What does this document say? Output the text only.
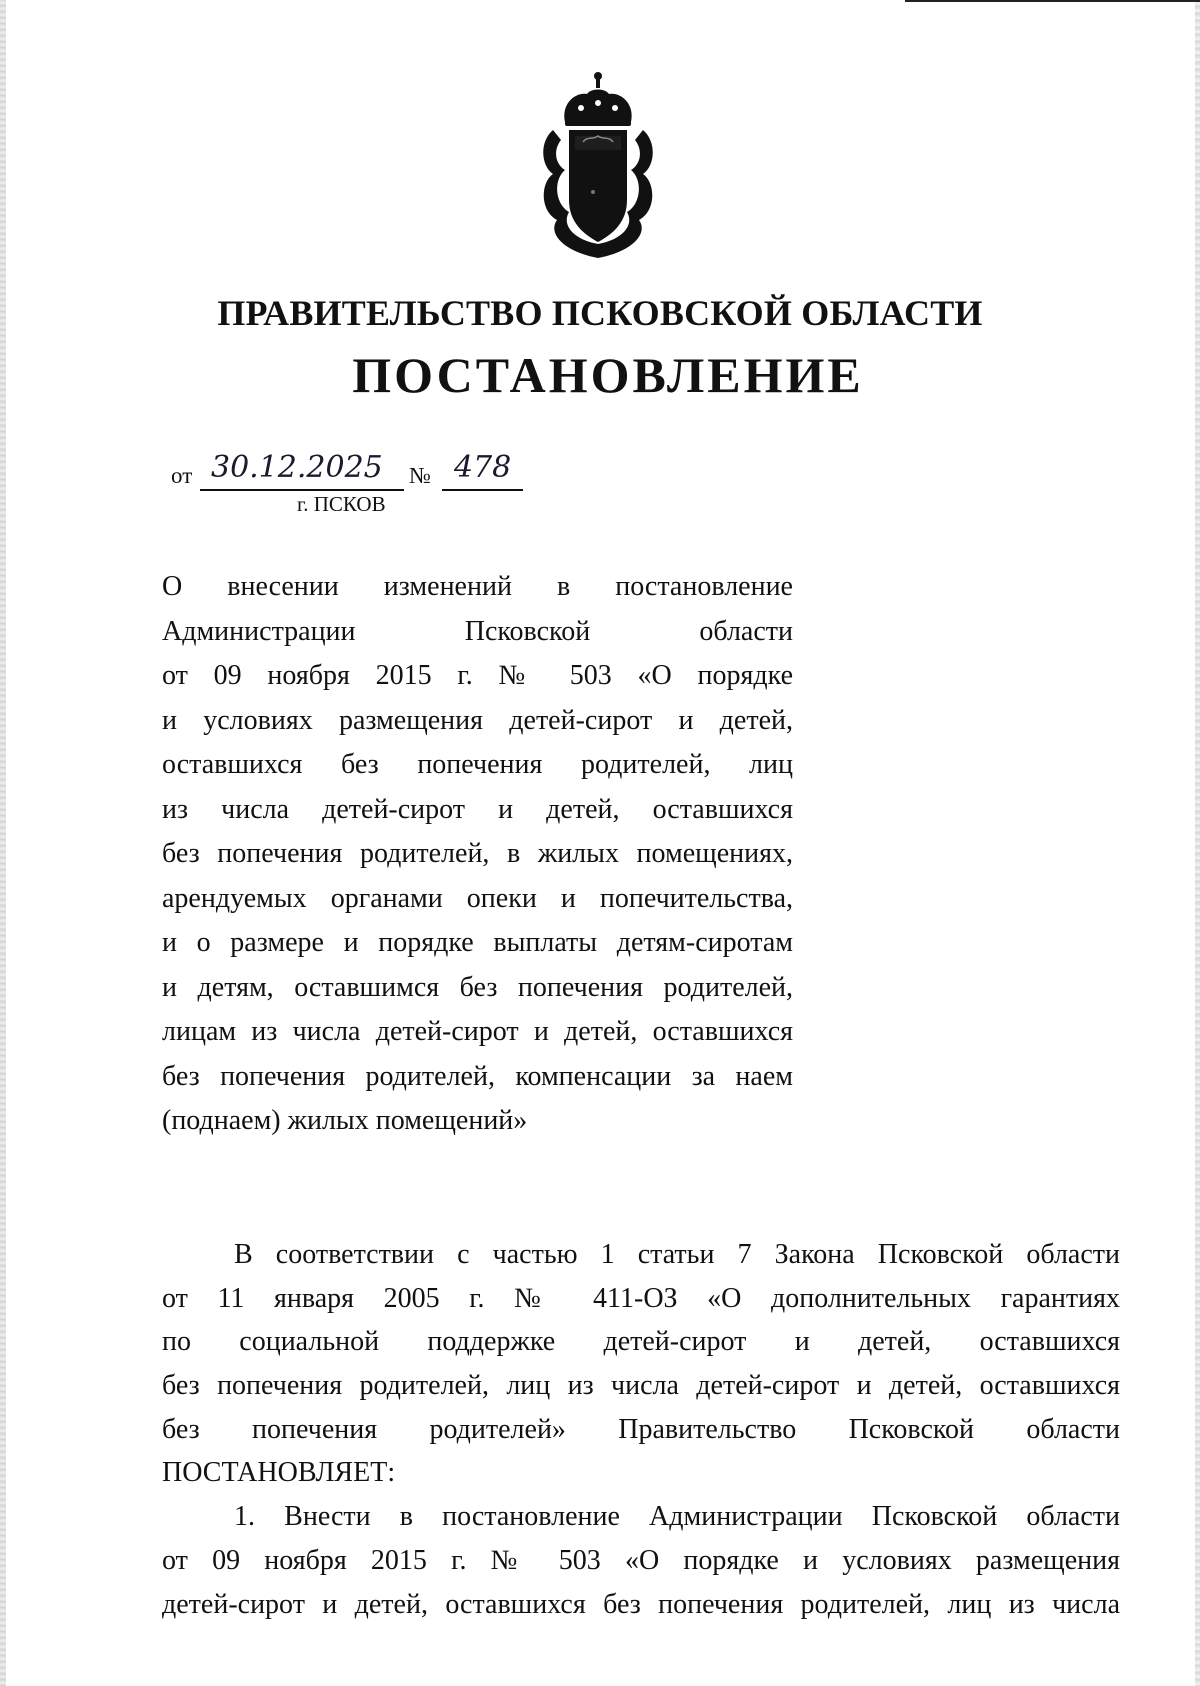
ПРАВИТЕЛЬСТВО ПСКОВСКОЙ ОБЛАСТИ
ПОСТАНОВЛЕНИЕ
от 30.12.2025 № 478
г. ПСКОВ
О внесении изменений в постановление
Администрации Псковской области
от 09 ноября 2015 г. № 503 «О порядке
и условиях размещения детей-сирот и детей,
оставшихся без попечения родителей, лиц
из числа детей-сирот и детей, оставшихся
без попечения родителей, в жилых помещениях,
арендуемых органами опеки и попечительства,
и о размере и порядке выплаты детям-сиротам
и детям, оставшимся без попечения родителей,
лицам из числа детей-сирот и детей, оставшихся
без попечения родителей, компенсации за наем
(поднаем) жилых помещений»
В соответствии с частью 1 статьи 7 Закона Псковской области
от 11 января 2005 г. № 411-ОЗ «О дополнительных гарантиях
по социальной поддержке детей-сирот и детей, оставшихся
без попечения родителей, лиц из числа детей-сирот и детей, оставшихся
без попечения родителей» Правительство Псковской области
ПОСТАНОВЛЯЕТ:
1. Внести в постановление Администрации Псковской области
от 09 ноября 2015 г. № 503 «О порядке и условиях размещения
детей-сирот и детей, оставшихся без попечения родителей, лиц из числа
